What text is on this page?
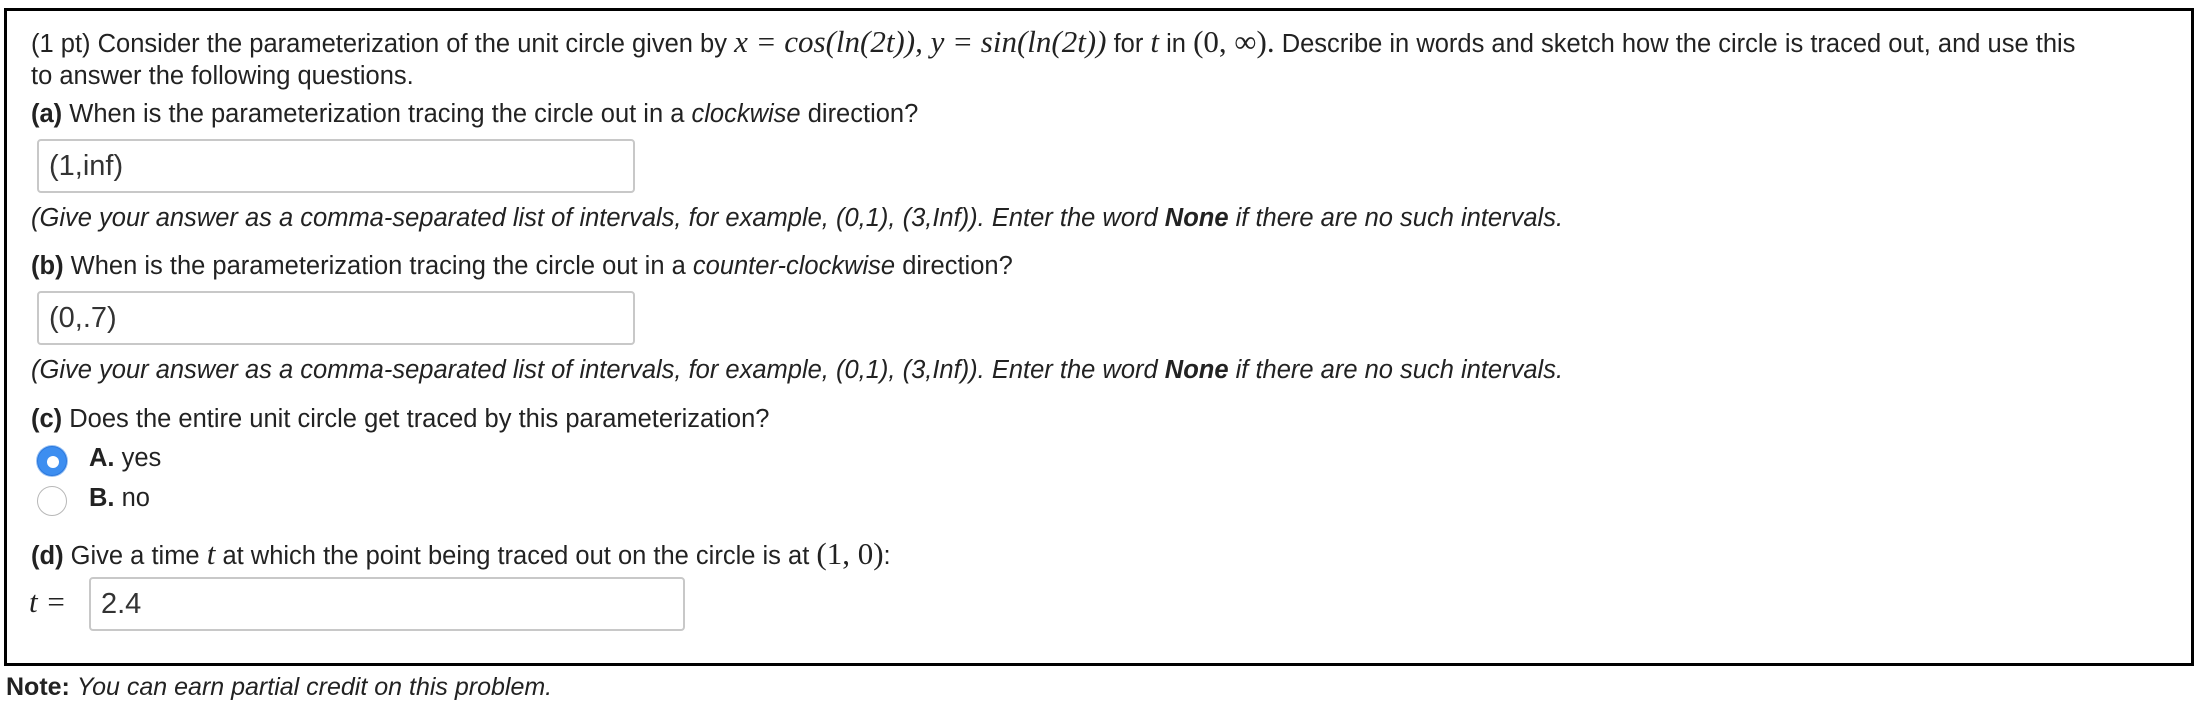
(1 pt) Consider the parameterization of the unit circle given by x = cos(ln(2t)), y = sin(ln(2t)) for t in (0, ∞). Describe in words and sketch how the circle is traced out, and use this
to answer the following questions.
(a) When is the parameterization tracing the circle out in a clockwise direction?
(1,inf)
(Give your answer as a comma-separated list of intervals, for example, (0,1), (3,Inf)). Enter the word None if there are no such intervals.
(b) When is the parameterization tracing the circle out in a counter-clockwise direction?
(0,.7)
(Give your answer as a comma-separated list of intervals, for example, (0,1), (3,Inf)). Enter the word None if there are no such intervals.
(c) Does the entire unit circle get traced by this parameterization?
A. yes
B. no
(d) Give a time t at which the point being traced out on the circle is at (1, 0):
t =	2.4
Note: You can earn partial credit on this problem.
